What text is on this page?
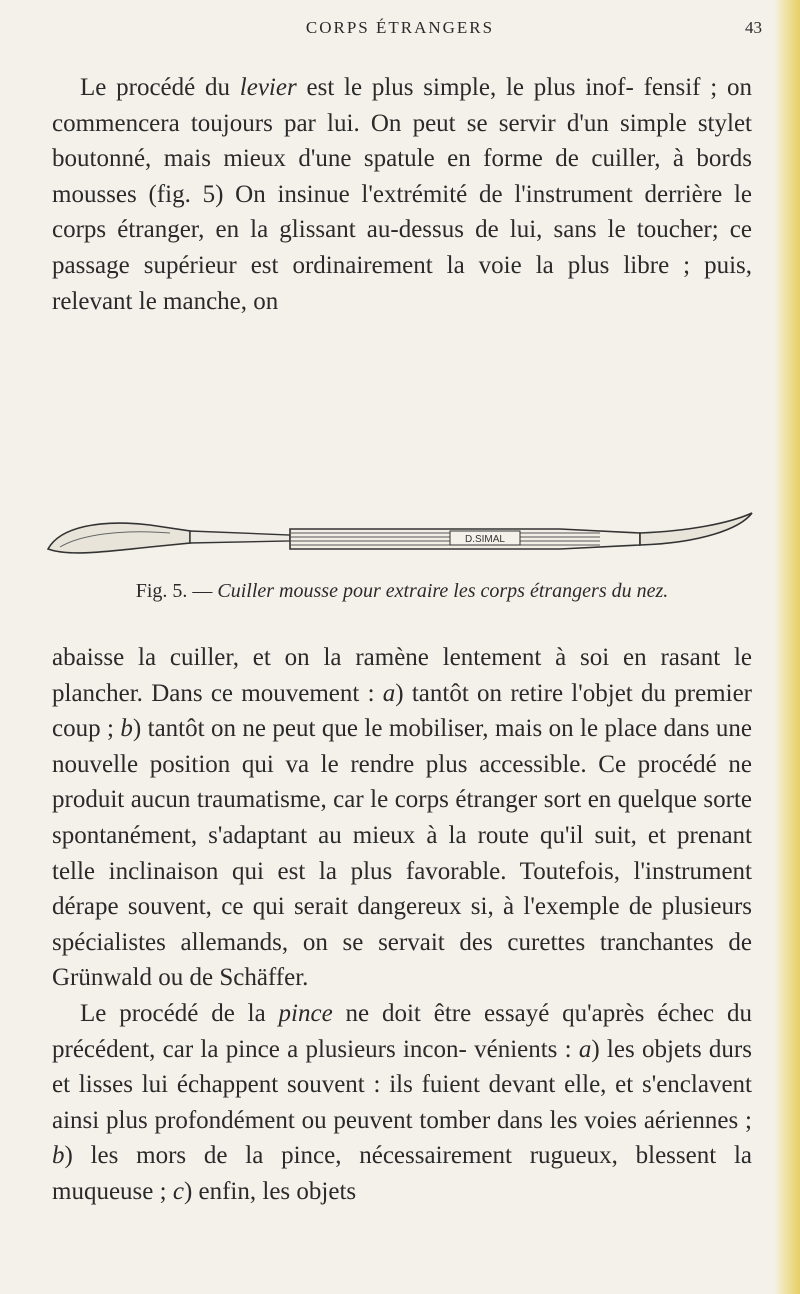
CORPS ÉTRANGERS	43

Le procédé du levier est le plus simple, le plus inof- fensif ; on commencera toujours par lui. On peut se servir d'un simple stylet boutonné, mais mieux d'une spatule en forme de cuiller, à bords mousses (fig. 5) On insinue l'extrémité de l'instrument derrière le corps étranger, en la glissant au-dessus de lui, sans le toucher; ce passage supérieur est ordinairement la voie la plus libre ; puis, relevant le manche, on

D.SIMAL
Fig. 5. — Cuiller mousse pour extraire les corps étrangers du nez.

abaisse la cuiller, et on la ramène lentement à soi en rasant le plancher. Dans ce mouvement : a) tantôt on retire l'objet du premier coup ; b) tantôt on ne peut que le mobiliser, mais on le place dans une nouvelle position qui va le rendre plus accessible. Ce procédé ne produit aucun traumatisme, car le corps étranger sort en quelque sorte spontanément, s'adaptant au mieux à la route qu'il suit, et prenant telle inclinaison qui est la plus favorable. Toutefois, l'instrument dérape souvent, ce qui serait dangereux si, à l'exemple de plusieurs spécialistes allemands, on se servait des curettes tranchantes de Grünwald ou de Schäffer.

Le procédé de la pince ne doit être essayé qu'après échec du précédent, car la pince a plusieurs incon- vénients : a) les objets durs et lisses lui échappent souvent : ils fuient devant elle, et s'enclavent ainsi plus profondément ou peuvent tomber dans les voies aériennes ; b) les mors de la pince, nécessairement rugueux, blessent la muqueuse ; c) enfin, les objets
